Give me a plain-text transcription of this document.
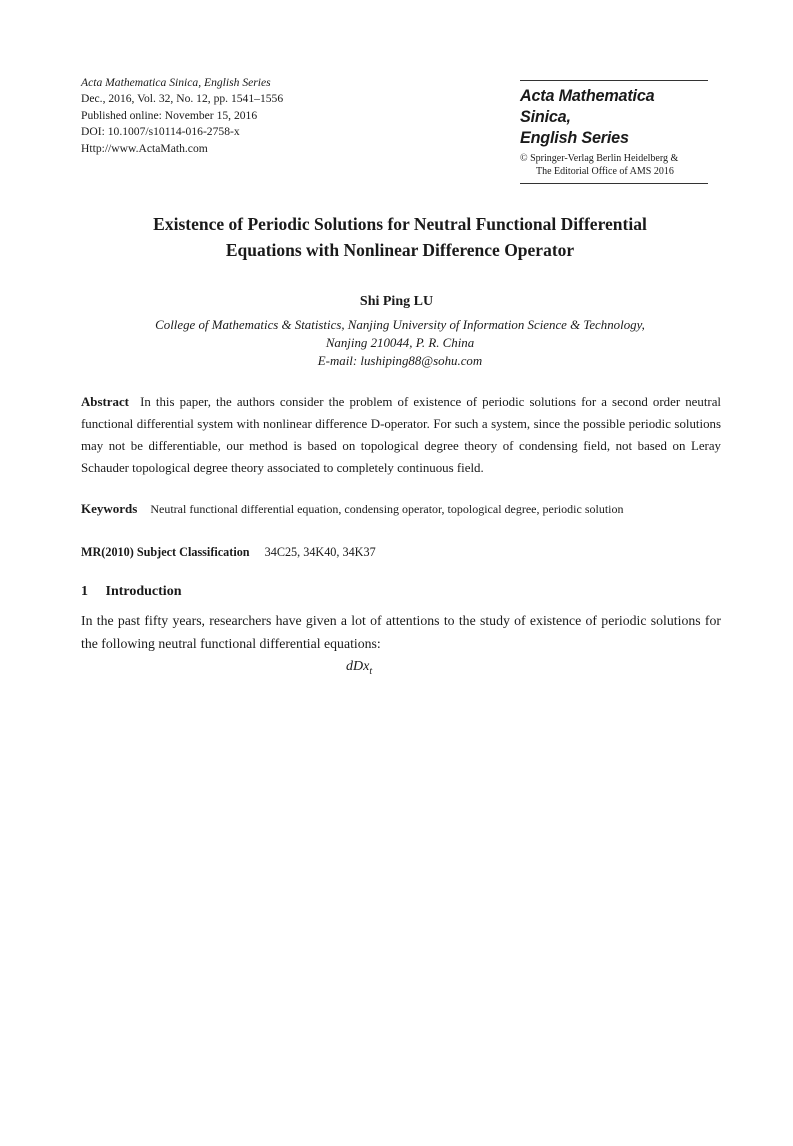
Acta Mathematica Sinica, English Series
Dec., 2016, Vol. 32, No. 12, pp. 1541–1556
Published online: November 15, 2016
DOI: 10.1007/s10114-016-2758-x
Http://www.ActaMath.com
Acta Mathematica Sinica,
English Series
© Springer-Verlag Berlin Heidelberg &
The Editorial Office of AMS 2016
Existence of Periodic Solutions for Neutral Functional Differential
Equations with Nonlinear Difference Operator
Shi Ping LU
College of Mathematics & Statistics, Nanjing University of Information Science & Technology,
Nanjing 210044, P. R. China
E-mail: lushiping88@sohu.com
Abstract In this paper, the authors consider the problem of existence of periodic solutions for a second order neutral functional differential system with nonlinear difference D-operator. For such a system, since the possible periodic solutions may not be differentiable, our method is based on topological degree theory of condensing field, not based on Leray Schauder topological degree theory associated to completely continuous field.
Keywords Neutral functional differential equation, condensing operator, topological degree, periodic solution
MR(2010) Subject Classification 34C25, 34K40, 34K37
1 Introduction
In the past fifty years, researchers have given a lot of attentions to the study of existence of periodic solutions for the following neutral functional differential equations:
dDx$_t$
